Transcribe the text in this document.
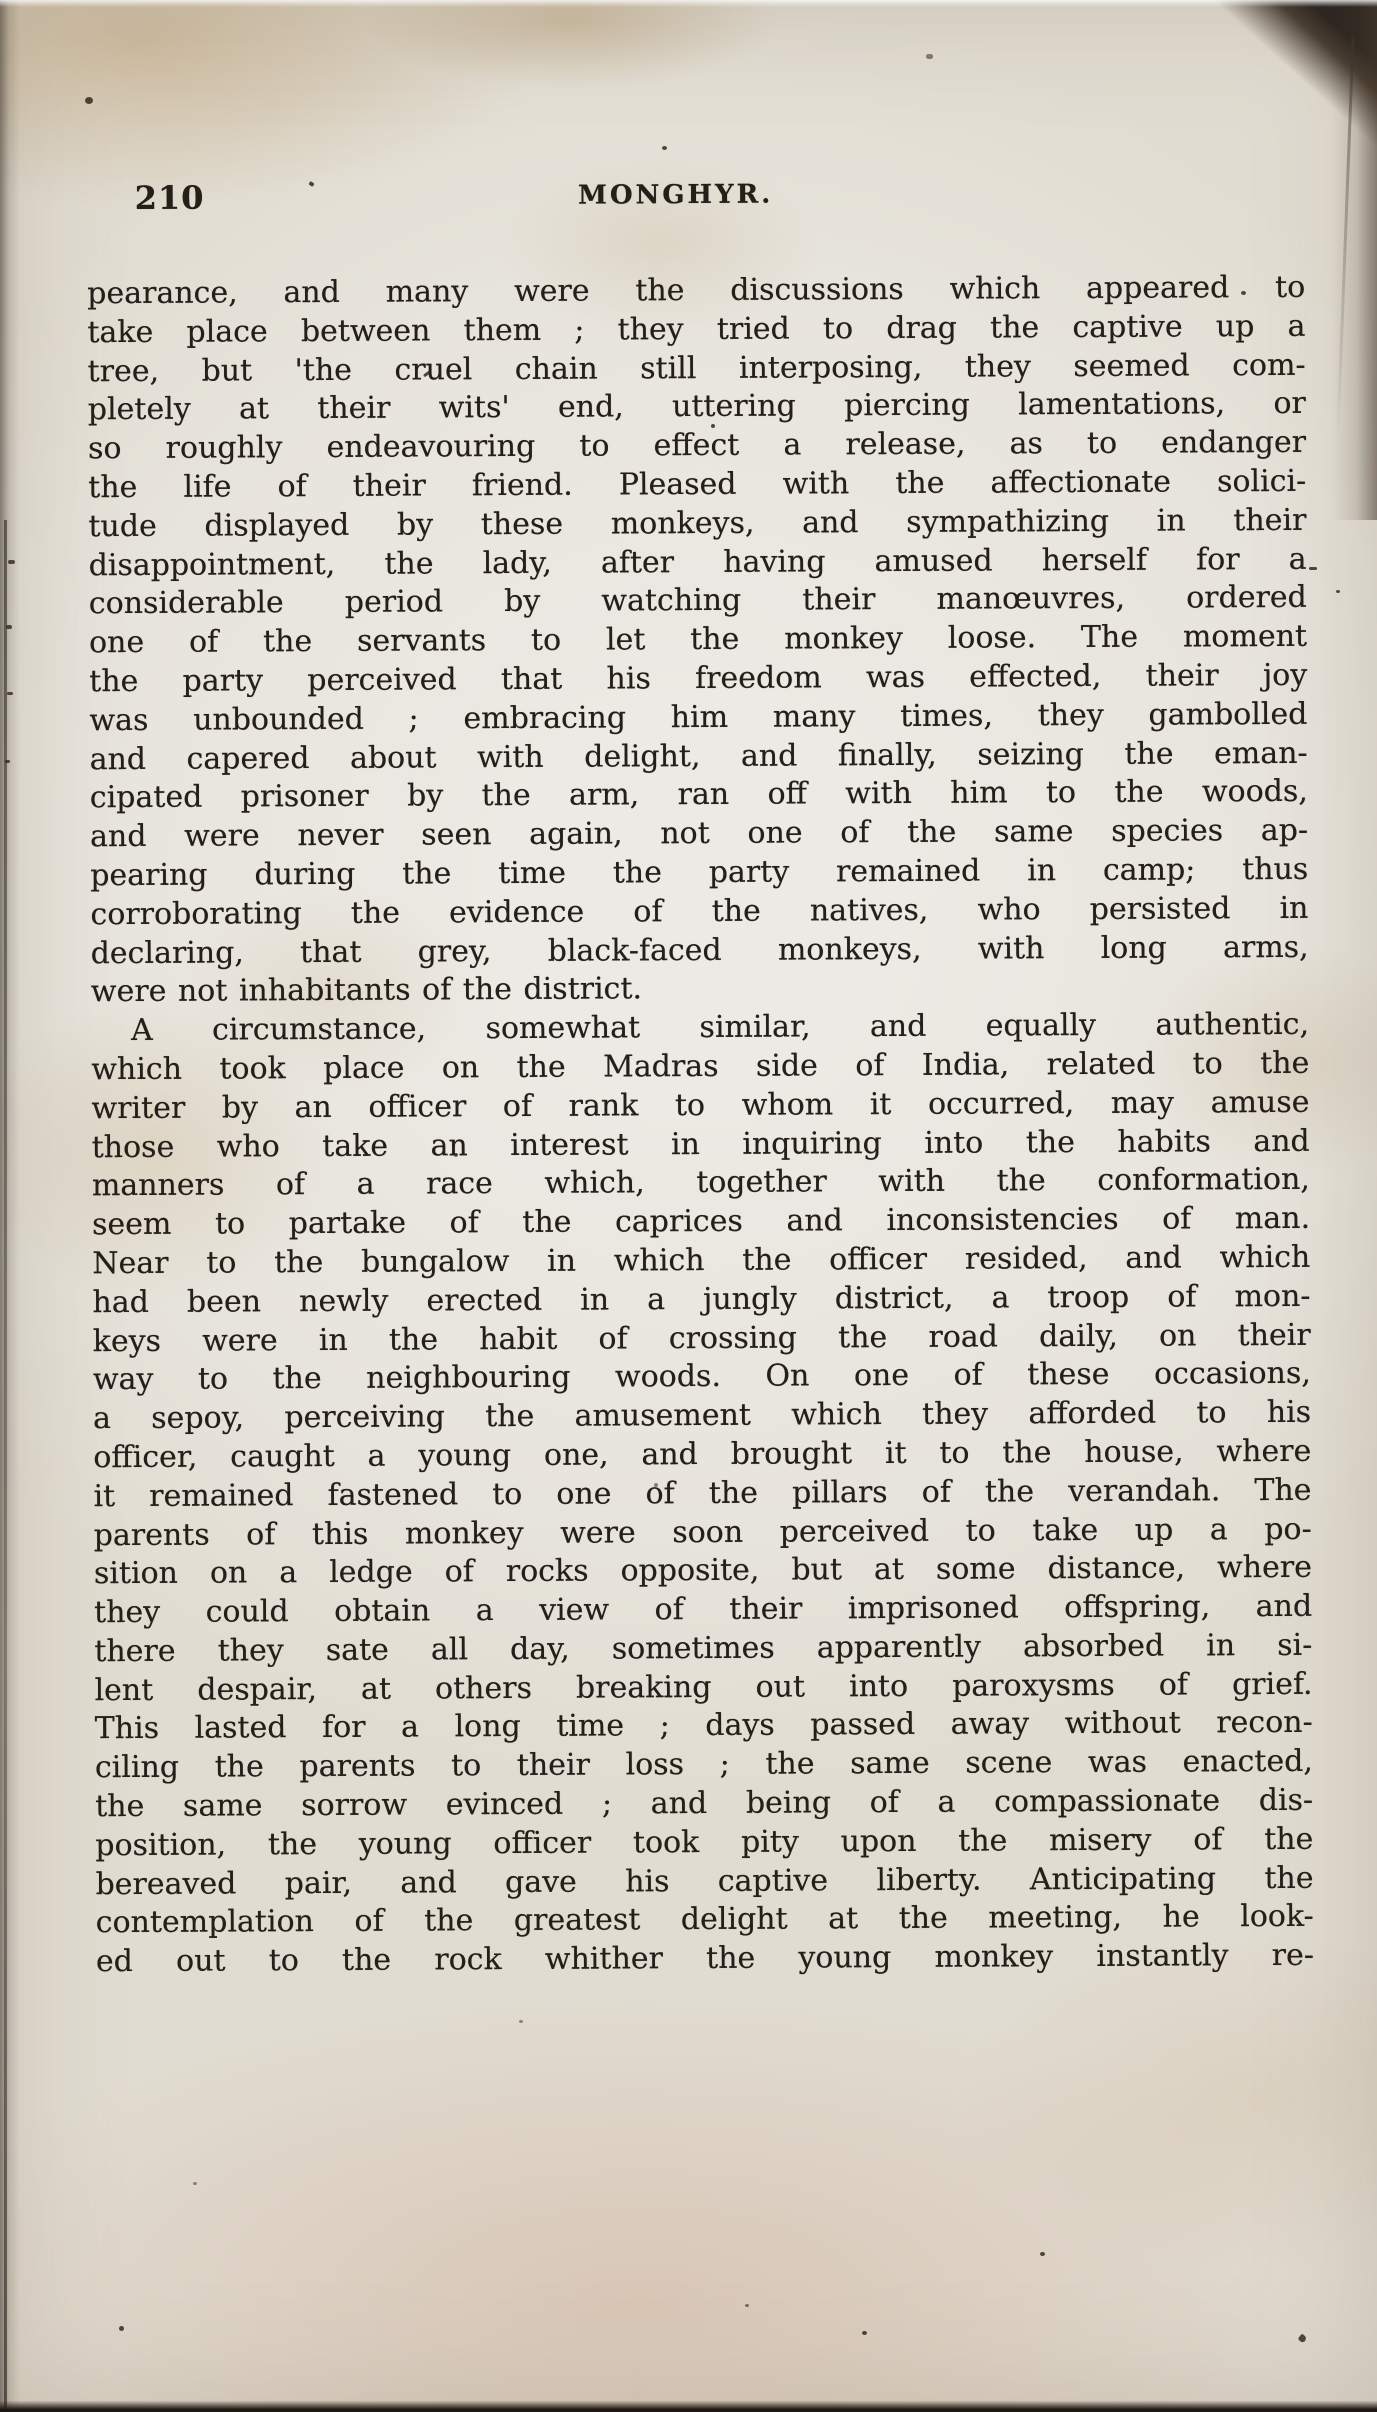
210	MONGHYR.
pearance, and many were the discussions which appeared to
take place between them ; they tried to drag the captive up a
tree, but 'the cruel chain still interposing, they seemed com-
pletely at their wits' end, uttering piercing lamentations, or
so roughly endeavouring to effect a release, as to endanger
the life of their friend. Pleased with the affectionate solici-
tude displayed by these monkeys, and sympathizing in their
disappointment, the lady, after having amused herself for a
considerable period by watching their manœuvres, ordered
one of the servants to let the monkey loose. The moment
the party perceived that his freedom was effected, their joy
was unbounded ; embracing him many times, they gambolled
and capered about with delight, and finally, seizing the eman-
cipated prisoner by the arm, ran off with him to the woods,
and were never seen again, not one of the same species ap-
pearing during the time the party remained in camp; thus
corroborating the evidence of the natives, who persisted in
declaring, that grey, black-faced monkeys, with long arms,
were not inhabitants of the district.
A circumstance, somewhat similar, and equally authentic,
which took place on the Madras side of India, related to the
writer by an officer of rank to whom it occurred, may amuse
those who take an interest in inquiring into the habits and
manners of a race which, together with the conformation,
seem to partake of the caprices and inconsistencies of man.
Near to the bungalow in which the officer resided, and which
had been newly erected in a jungly district, a troop of mon-
keys were in the habit of crossing the road daily, on their
way to the neighbouring woods. On one of these occasions,
a sepoy, perceiving the amusement which they afforded to his
officer, caught a young one, and brought it to the house, where
it remained fastened to one of the pillars of the verandah. The
parents of this monkey were soon perceived to take up a po-
sition on a ledge of rocks opposite, but at some distance, where
they could obtain a view of their imprisoned offspring, and
there they sate all day, sometimes apparently absorbed in si-
lent despair, at others breaking out into paroxysms of grief.
This lasted for a long time ; days passed away without recon-
ciling the parents to their loss ; the same scene was enacted,
the same sorrow evinced ; and being of a compassionate dis-
position, the young officer took pity upon the misery of the
bereaved pair, and gave his captive liberty. Anticipating the
contemplation of the greatest delight at the meeting, he look-
ed out to the rock whither the young monkey instantly re-
